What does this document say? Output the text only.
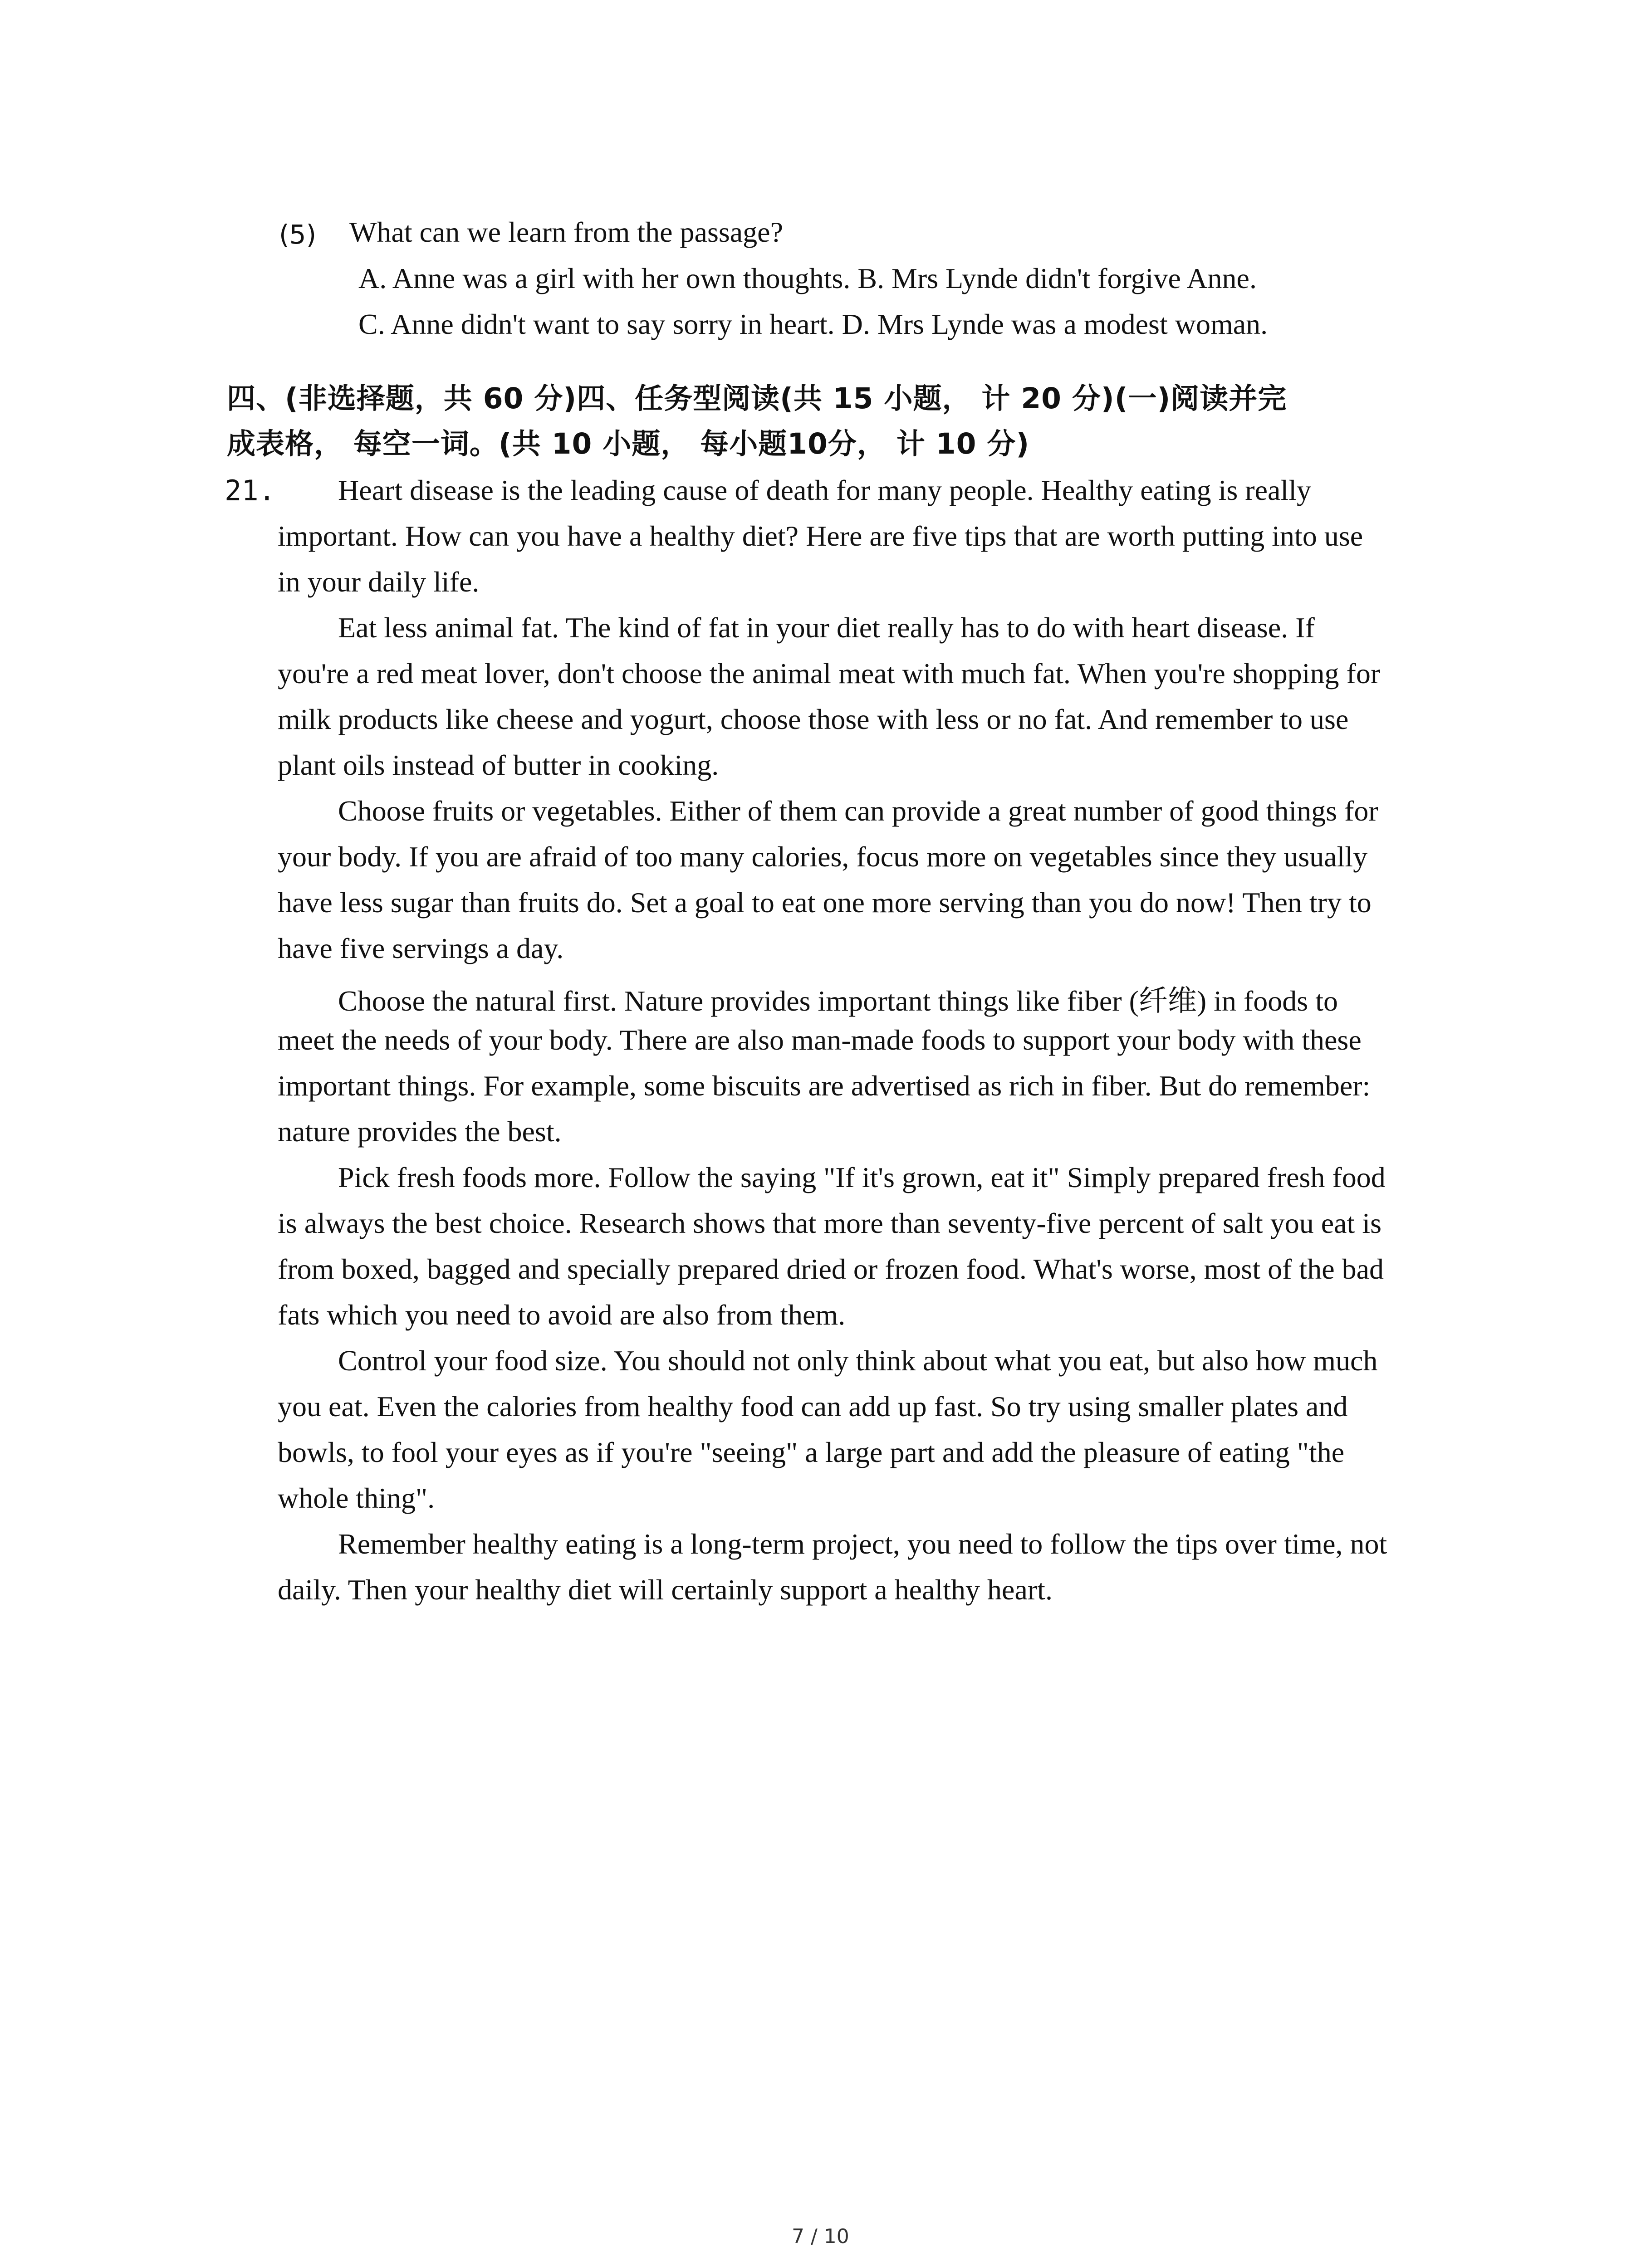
(5) What can we learn from the passage?
A. Anne was a girl with her own thoughts. B. Mrs Lynde didn't forgive Anne.
C. Anne didn't want to say sorry in heart. D. Mrs Lynde was a modest woman.
四、(非选择题，共 60 分)四、任务型阅读(共 15 小题， 计 20 分)(一)阅读并完
成表格， 每空一词。(共 10 小题， 每小题10分， 计 10 分)
21. Heart disease is the leading cause of death for many people. Healthy eating is really
important. How can you have a healthy diet? Here are five tips that are worth putting into use
in your daily life.
Eat less animal fat. The kind of fat in your diet really has to do with heart disease. If
you're a red meat lover, don't choose the animal meat with much fat. When you're shopping for
milk products like cheese and yogurt, choose those with less or no fat. And remember to use
plant oils instead of butter in cooking.
Choose fruits or vegetables. Either of them can provide a great number of good things for
your body. If you are afraid of too many calories, focus more on vegetables since they usually
have less sugar than fruits do. Set a goal to eat one more serving than you do now! Then try to
have five servings a day.
Choose the natural first. Nature provides important things like fiber (纤维) in foods to
meet the needs of your body. There are also man-made foods to support your body with these
important things. For example, some biscuits are advertised as rich in fiber. But do remember:
nature provides the best.
Pick fresh foods more. Follow the saying "If it's grown, eat it" Simply prepared fresh food
is always the best choice. Research shows that more than seventy-five percent of salt you eat is
from boxed, bagged and specially prepared dried or frozen food. What's worse, most of the bad
fats which you need to avoid are also from them.
Control your food size. You should not only think about what you eat, but also how much
you eat. Even the calories from healthy food can add up fast. So try using smaller plates and
bowls, to fool your eyes as if you're "seeing" a large part and add the pleasure of eating "the
whole thing".
Remember healthy eating is a long-term project, you need to follow the tips over time, not
daily. Then your healthy diet will certainly support a healthy heart.
7 / 10
